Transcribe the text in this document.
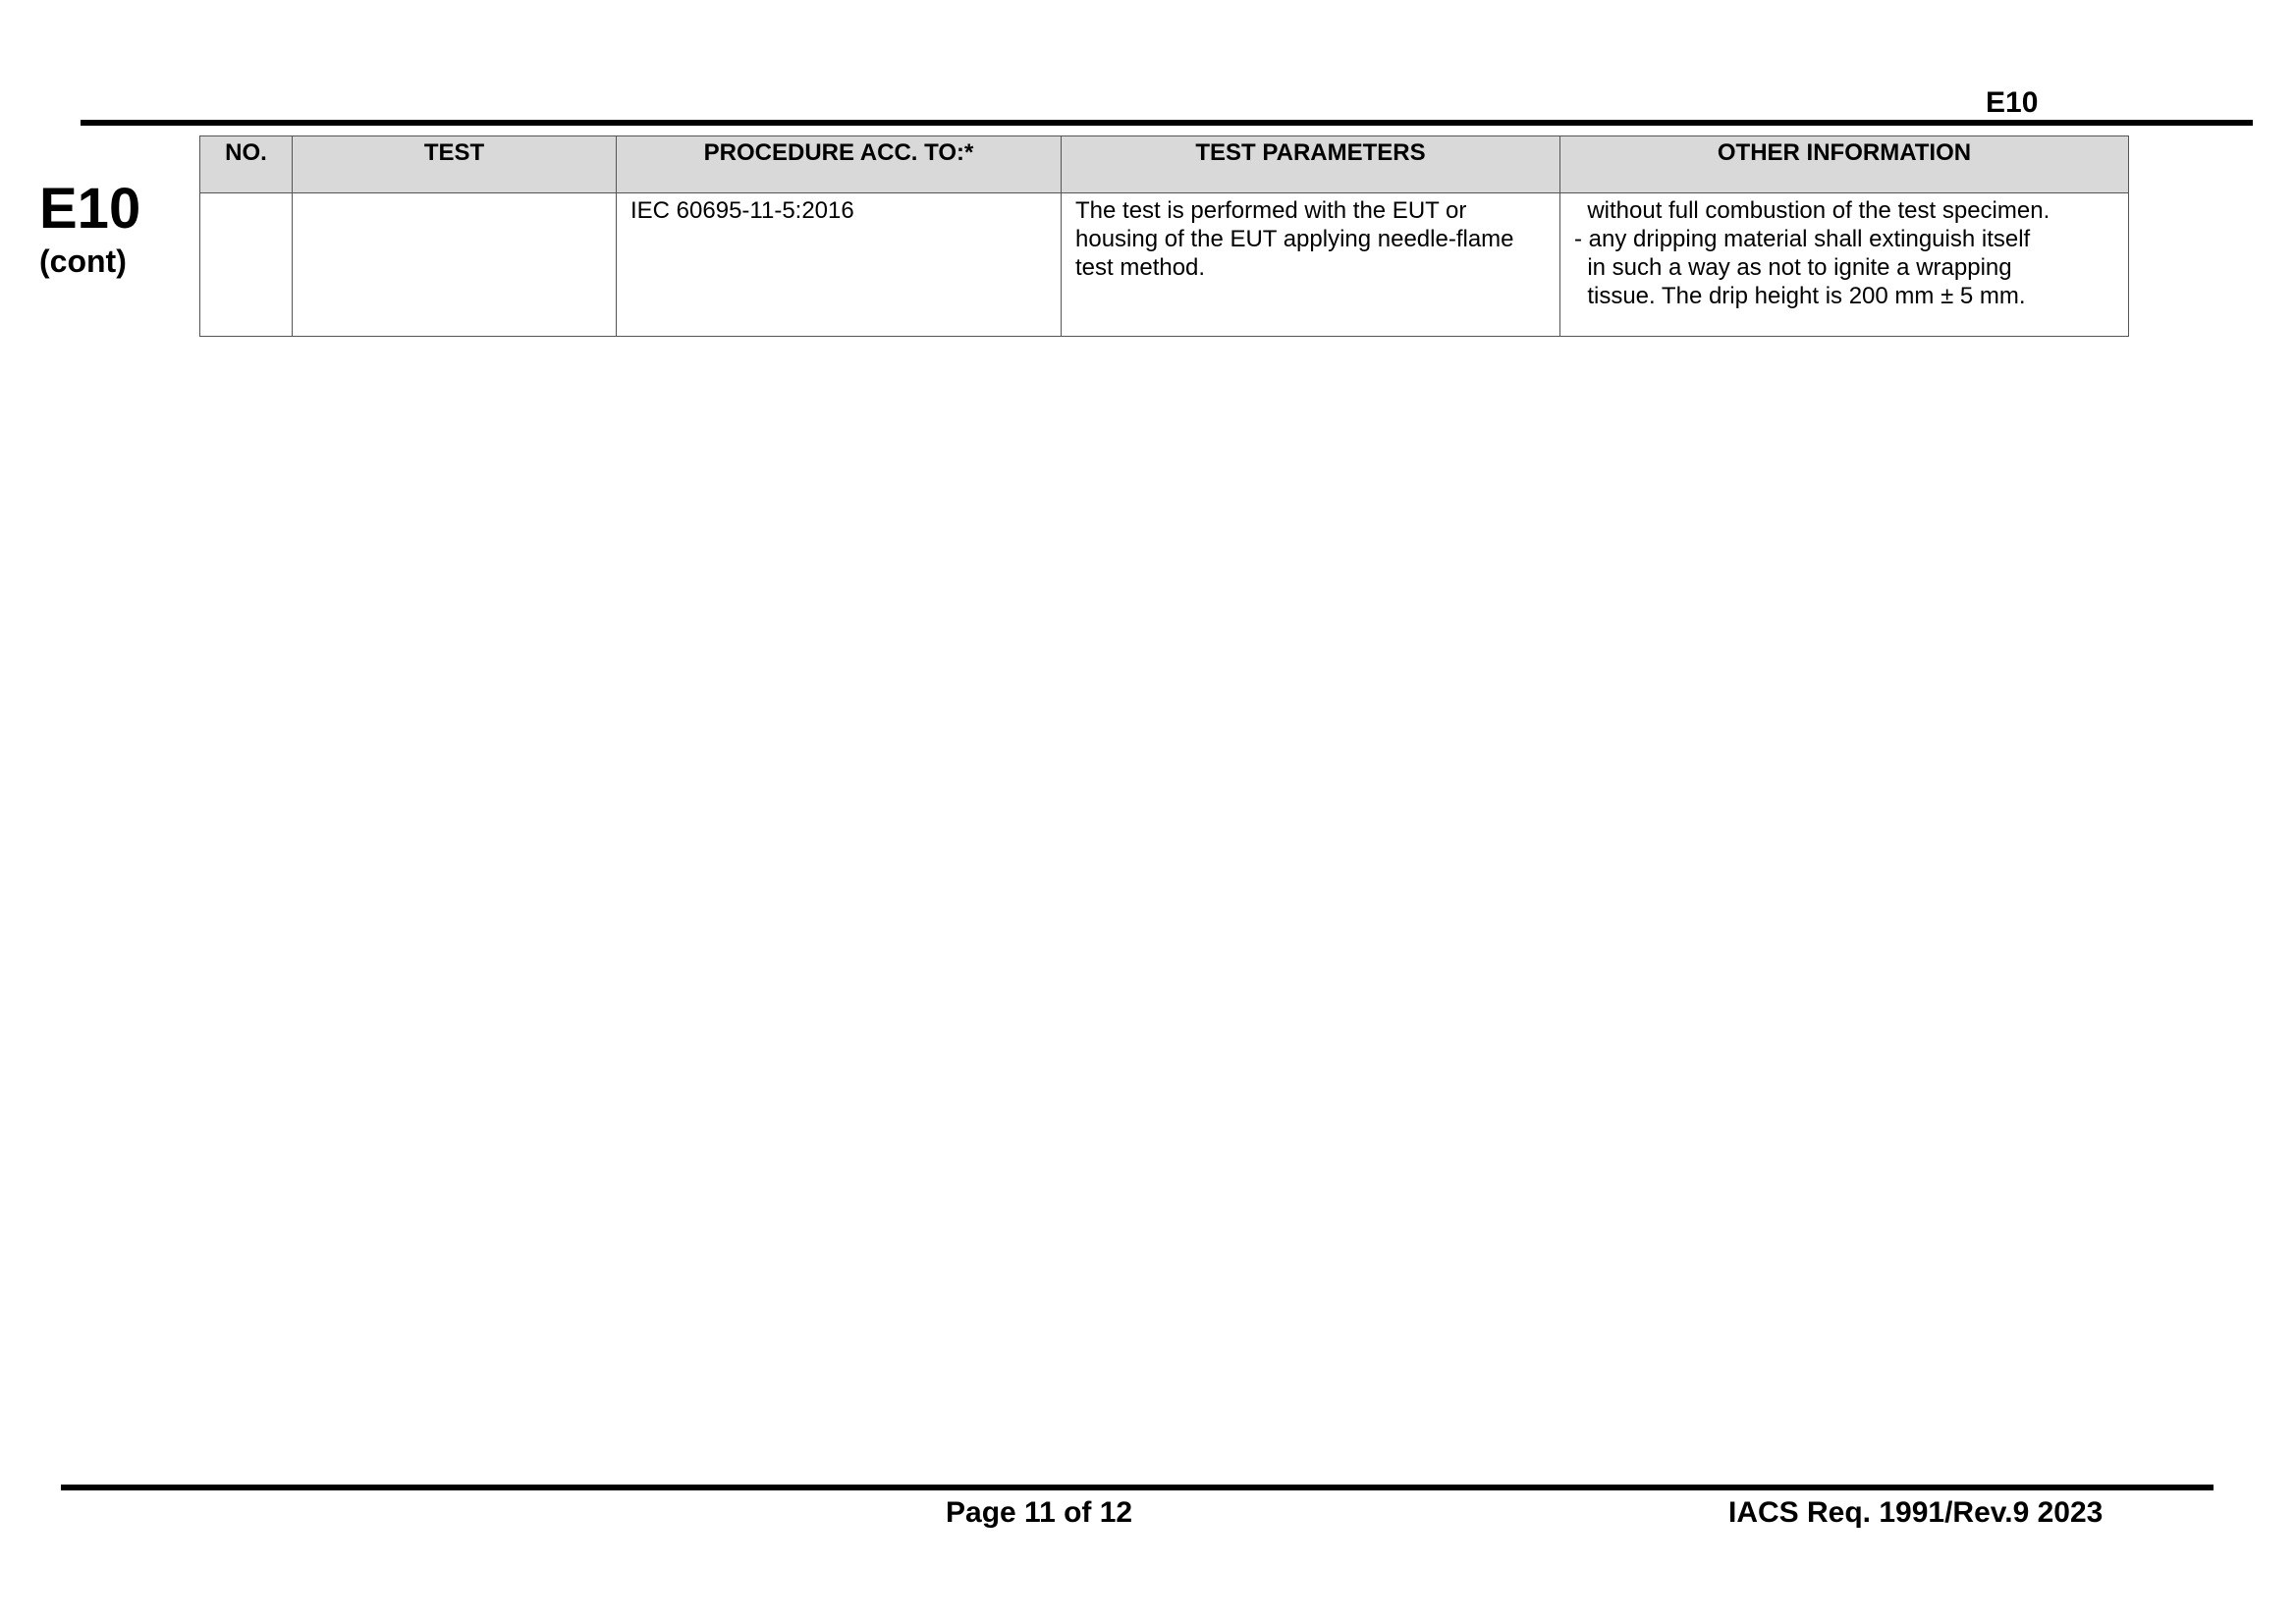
E10
E10
(cont)
NO.	TEST	PROCEDURE ACC. TO:*	TEST PARAMETERS	OTHER INFORMATION
		IEC 60695-11-5:2016	The test is performed with the EUT or housing of the EUT applying needle-flame test method.	without full combustion of the test specimen.
- any dripping material shall extinguish itself
in such a way as not to ignite a wrapping
tissue. The drip height is 200 mm ± 5 mm.
Page 11 of 12	IACS Req. 1991/Rev.9 2023
